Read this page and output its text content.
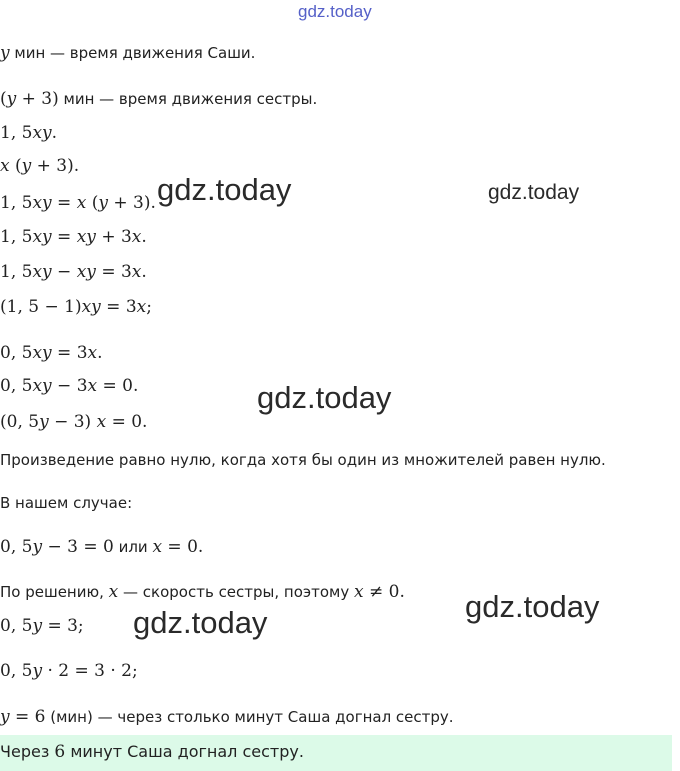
gdz.today
y мин — время движения Саши.
(y + 3) мин — время движения сестры.
1, 5xy.
x (y + 3).
1, 5xy = x (y + 3).
1, 5xy = xy + 3x.
1, 5xy − xy = 3x.
(1, 5 − 1)xy = 3x;
0, 5xy = 3x.
0, 5xy − 3x = 0.
(0, 5y − 3) x = 0.
Произведение равно нулю, когда хотя бы один из множителей равен нулю.
В нашем случае:
0, 5y − 3 = 0 или x = 0.
По решению, x — скорость сестры, поэтому x ≠ 0.
0, 5y = 3;
0, 5y · 2 = 3 · 2;
y = 6 (мин) — через столько минут Саша догнал сестру.
Через 6 минут Саша догнал сестру.
gdz.today	gdz.today
gdz.today
gdz.today
gdz.today
